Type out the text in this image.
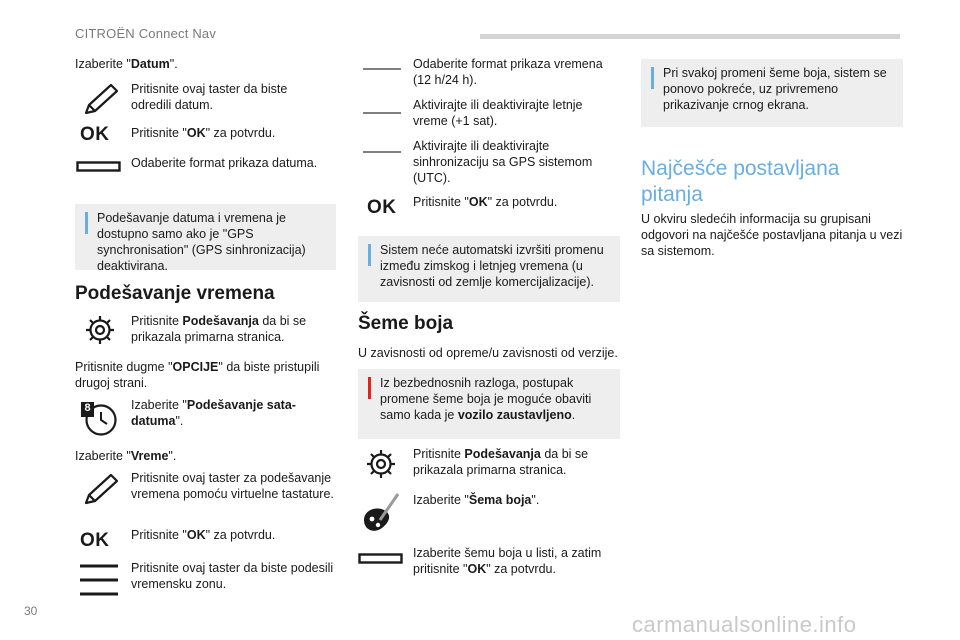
CITROËN Connect Nav
Izaberite "Datum".
Pritisnite ovaj taster da biste odredili datum.
OK Pritisnite "OK" za potvrdu.
Odaberite format prikaza datuma.
Podešavanje datuma i vremena je dostupno samo ako je "GPS synchronisation" (GPS sinhronizacija) deaktivirana.
Podešavanje vremena
Pritisnite Podešavanja da bi se prikazala primarna stranica.
Pritisnite dugme "OPCIJE" da biste pristupili drugoj strani.
8	Izaberite "Podešavanje sata-datuma".
Izaberite "Vreme".
Pritisnite ovaj taster za podešavanje vremena pomoću virtuelne tastature.
OK Pritisnite "OK" za potvrdu.
Pritisnite ovaj taster da biste podesili vremensku zonu.
Odaberite format prikaza vremena (12 h/24 h).
Aktivirajte ili deaktivirajte letnje vreme (+1 sat).
Aktivirajte ili deaktivirajte sinhronizaciju sa GPS sistemom (UTC).
OK Pritisnite "OK" za potvrdu.
Sistem neće automatski izvršiti promenu između zimskog i letnjeg vremena (u zavisnosti od zemlje komercijalizacije).
Šeme boja
U zavisnosti od opreme/u zavisnosti od verzije.
Iz bezbednosnih razloga, postupak promene šeme boja je moguće obaviti samo kada je vozilo zaustavljeno.
Pritisnite Podešavanja da bi se prikazala primarna stranica.
Izaberite "Šema boja".
Izaberite šemu boja u listi, a zatim pritisnite "OK" za potvrdu.
Pri svakoj promeni šeme boja, sistem se ponovo pokreće, uz privremeno prikazivanje crnog ekrana.
Najčešće postavljana pitanja
U okviru sledećih informacija su grupisani odgovori na najčešće postavljana pitanja u vezi sa sistemom.
30
carmanualsonline.info
